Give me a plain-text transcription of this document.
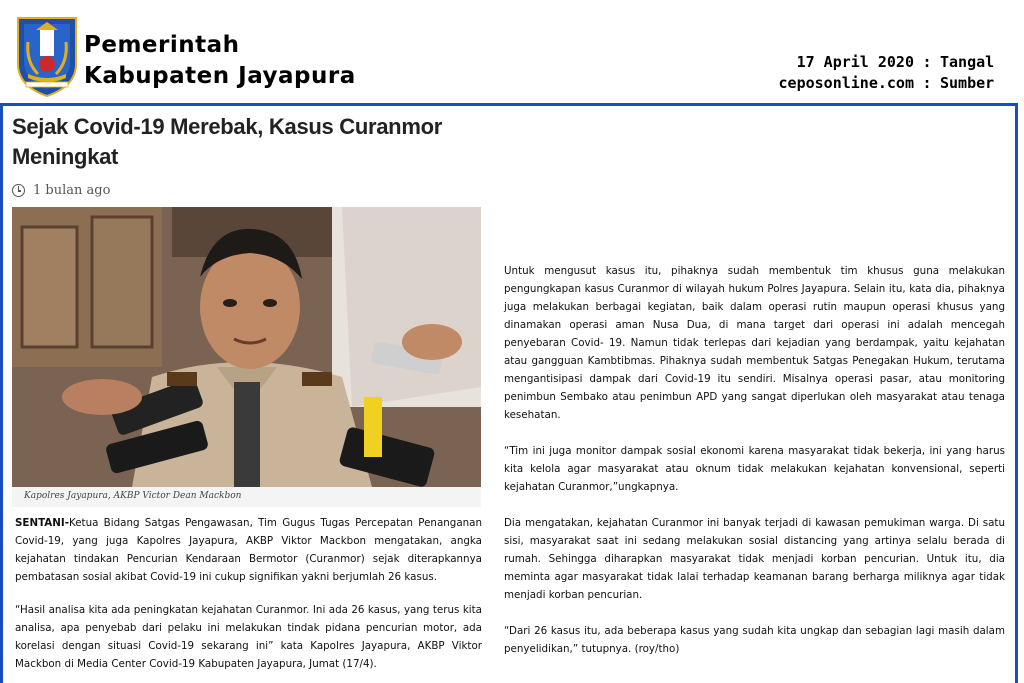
Pemerintah
Kabupaten Jayapura
17 April 2020 : Tangal
ceposonline.com : Sumber
Sejak Covid-19 Merebak, Kasus Curanmor Meningkat
1 bulan ago
Kapolres Jayapura, AKBP Victor Dean Mackbon

SENTANI-Ketua Bidang Satgas Pengawasan, Tim Gugus Tugas Percepatan Penanganan Covid-19, yang juga Kapolres Jayapura, AKBP Viktor Mackbon mengatakan, angka kejahatan tindakan Pencurian Kendaraan Bermotor (Curanmor) sejak diterapkannya pembatasan sosial akibat Covid-19 ini cukup signifikan yakni berjumlah 26 kasus.

“Hasil analisa kita ada peningkatan kejahatan Curanmor. Ini ada 26 kasus, yang terus kita analisa, apa penyebab dari pelaku ini melakukan tindak pidana pencurian motor, ada korelasi dengan situasi Covid-19 sekarang ini” kata Kapolres Jayapura, AKBP Viktor Mackbon di Media Center Covid-19 Kabupaten Jayapura, Jumat (17/4).

Untuk mengusut kasus itu, pihaknya sudah membentuk tim khusus guna melakukan pengungkapan kasus Curanmor di wilayah hukum Polres Jayapura. Selain itu, kata dia, pihaknya juga melakukan berbagai kegiatan, baik dalam operasi rutin maupun operasi khusus yang dinamakan operasi aman Nusa Dua, di mana target dari operasi ini adalah mencegah penyebaran Covid- 19. Namun tidak terlepas dari kejadian yang berdampak, yaitu kejahatan atau gangguan Kambtibmas. Pihaknya sudah membentuk Satgas Penegakan Hukum, terutama mengantisipasi dampak dari Covid-19 itu sendiri. Misalnya operasi pasar, atau monitoring penimbun Sembako atau penimbun APD yang sangat diperlukan oleh masyarakat atau tenaga kesehatan.

“Tim ini juga monitor dampak sosial ekonomi karena masyarakat tidak bekerja, ini yang harus kita kelola agar masyarakat atau oknum tidak melakukan kejahatan konvensional, seperti kejahatan Curanmor,”ungkapnya.

Dia mengatakan, kejahatan Curanmor ini banyak terjadi di kawasan pemukiman warga. Di satu sisi, masyarakat saat ini sedang melakukan sosial distancing yang artinya selalu berada di rumah. Sehingga diharapkan masyarakat tidak menjadi korban pencurian. Untuk itu, dia meminta agar masyarakat tidak lalai terhadap keamanan barang berharga miliknya agar tidak menjadi korban pencurian.

“Dari 26 kasus itu, ada beberapa kasus yang sudah kita ungkap dan sebagian lagi masih dalam penyelidikan,” tutupnya. (roy/tho)
